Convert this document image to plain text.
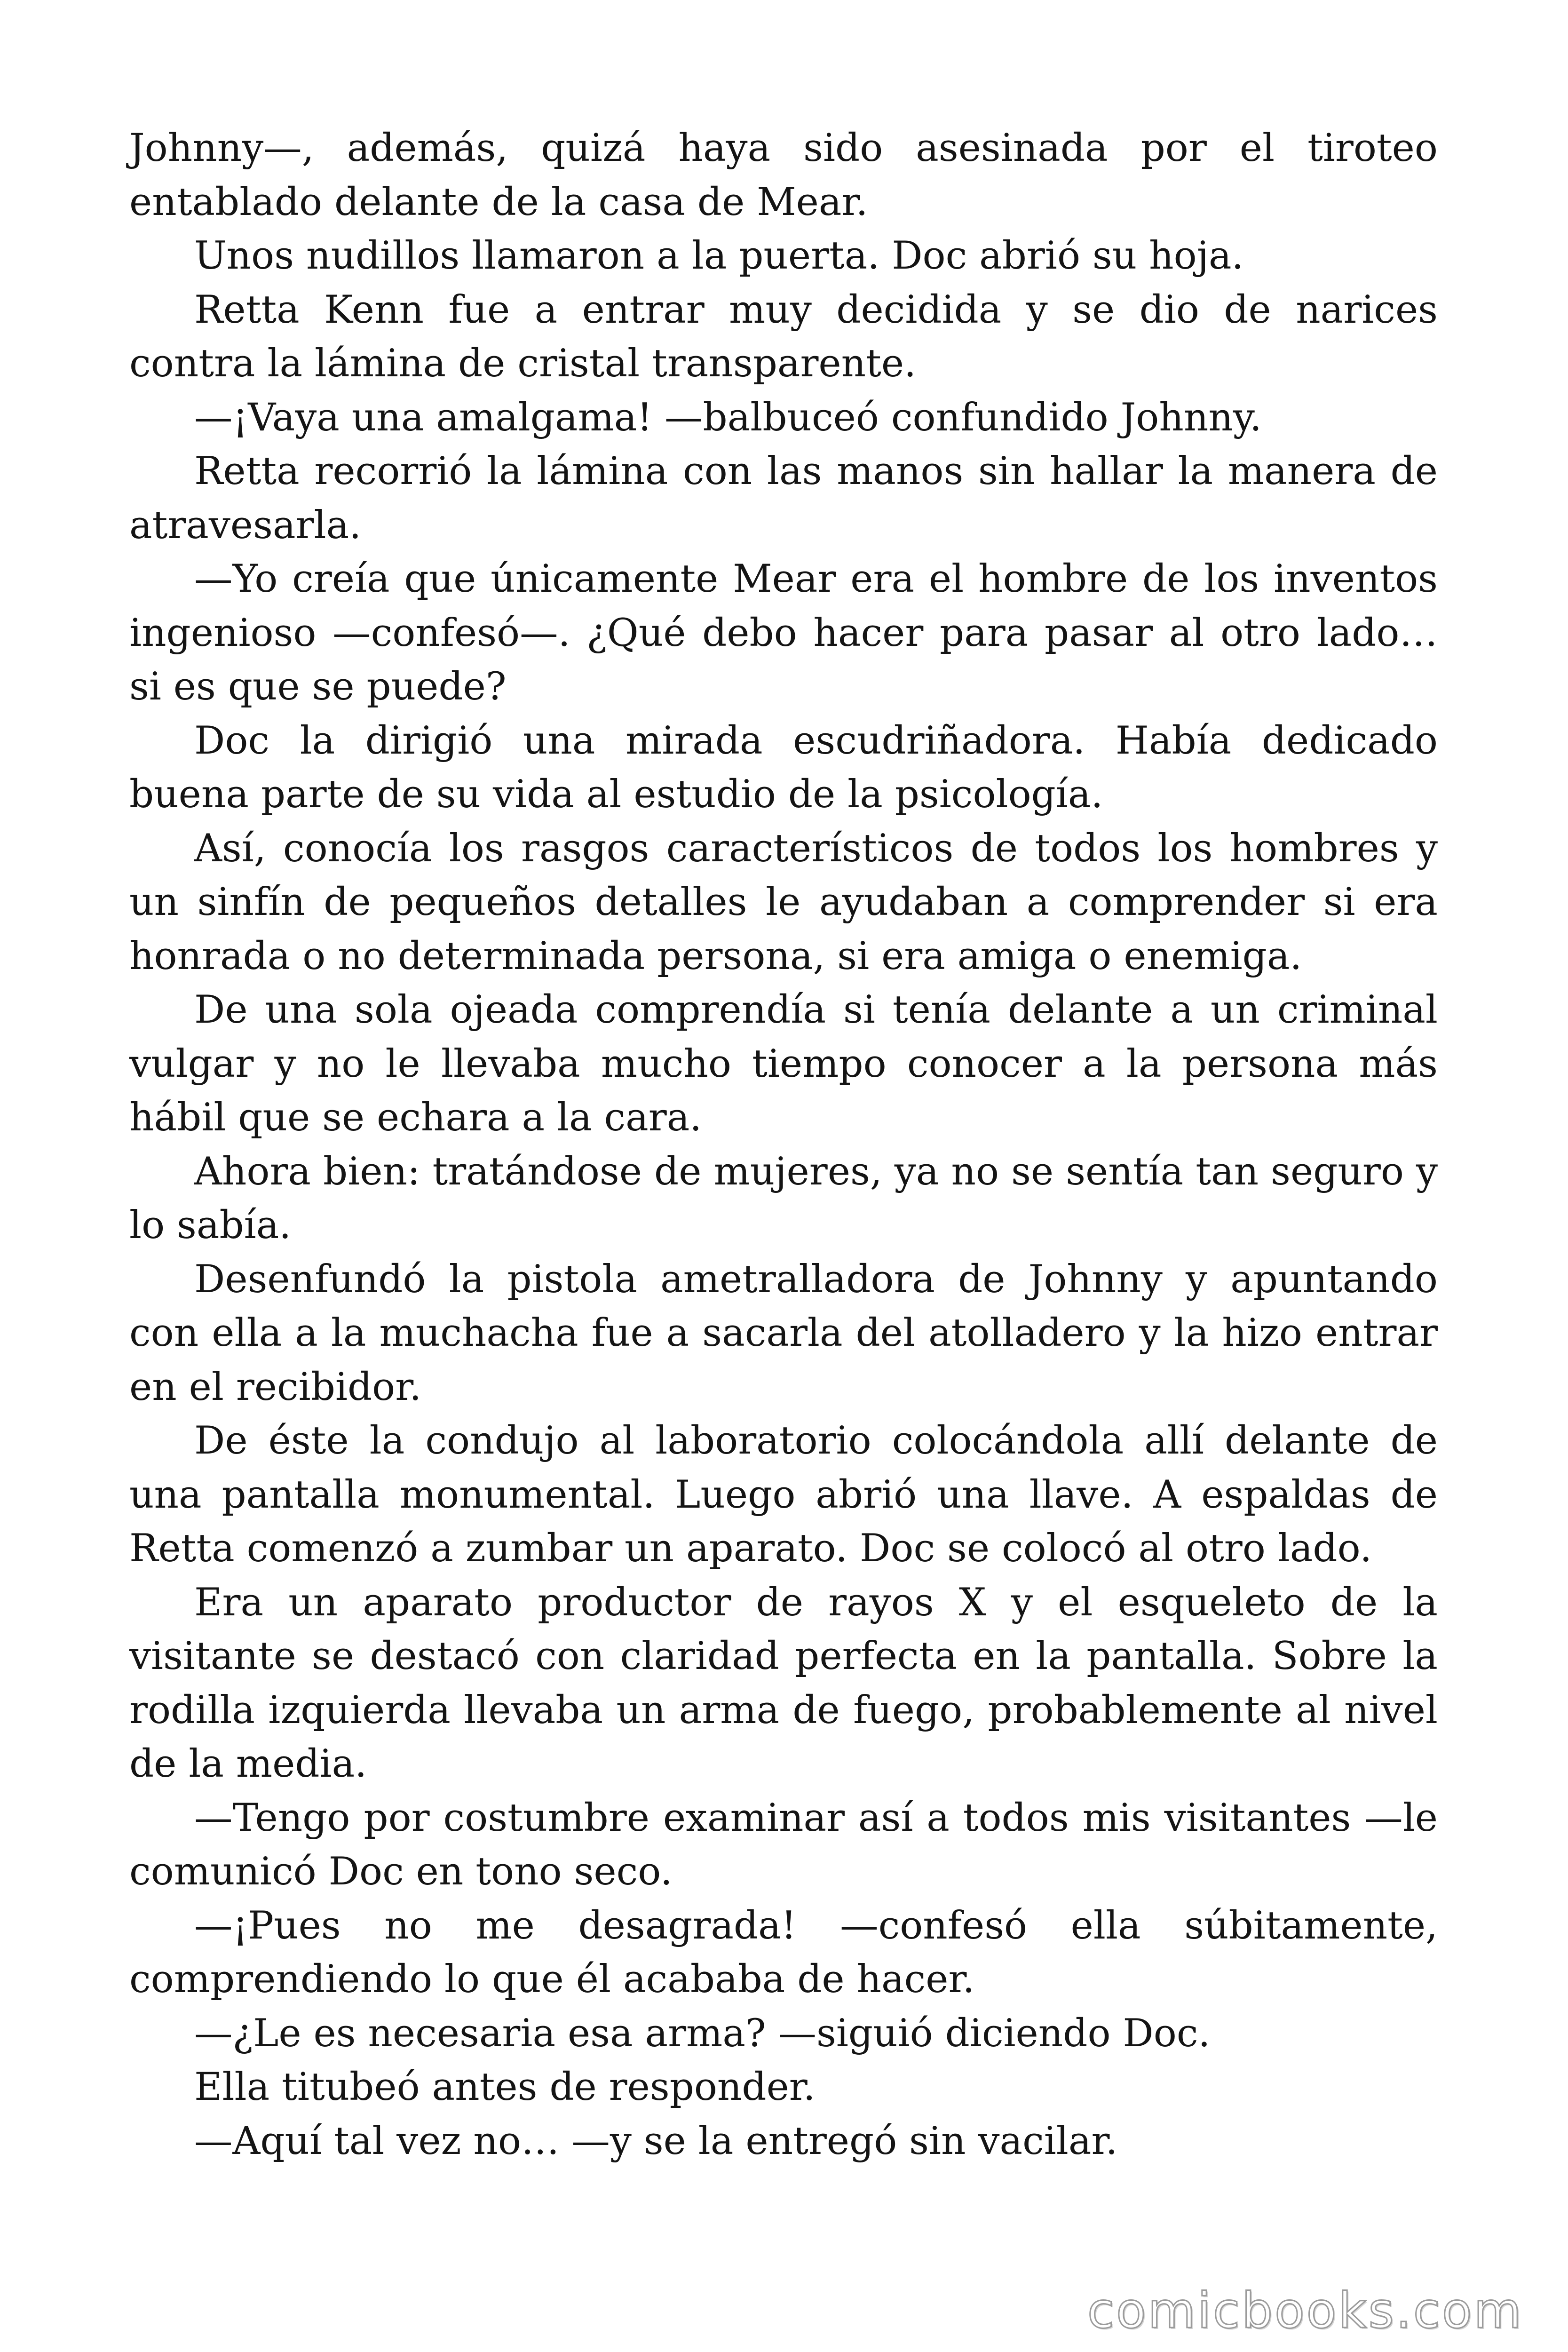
Johnny—, además, quizá haya sido asesinada por el tiroteo entablado delante de la casa de Mear.

Unos nudillos llamaron a la puerta. Doc abrió su hoja.

Retta Kenn fue a entrar muy decidida y se dio de narices contra la lámina de cristal transparente.

—¡Vaya una amalgama! —balbuceó confundido Johnny.

Retta recorrió la lámina con las manos sin hallar la manera de atravesarla.

—Yo creía que únicamente Mear era el hombre de los inventos ingenioso —confesó—. ¿Qué debo hacer para pasar al otro lado… si es que se puede?

Doc la dirigió una mirada escudriñadora. Había dedicado buena parte de su vida al estudio de la psicología.

Así, conocía los rasgos característicos de todos los hombres y un sinfín de pequeños detalles le ayudaban a comprender si era honrada o no determinada persona, si era amiga o enemiga.

De una sola ojeada comprendía si tenía delante a un criminal vulgar y no le llevaba mucho tiempo conocer a la persona más hábil que se echara a la cara.

Ahora bien: tratándose de mujeres, ya no se sentía tan seguro y lo sabía.

Desenfundó la pistola ametralladora de Johnny y apuntando con ella a la muchacha fue a sacarla del atolladero y la hizo entrar en el recibidor.

De éste la condujo al laboratorio colocándola allí delante de una pantalla monumental. Luego abrió una llave. A espaldas de Retta comenzó a zumbar un aparato. Doc se colocó al otro lado.

Era un aparato productor de rayos X y el esqueleto de la visitante se destacó con claridad perfecta en la pantalla. Sobre la rodilla izquierda llevaba un arma de fuego, probablemente al nivel de la media.

—Tengo por costumbre examinar así a todos mis visitantes —le comunicó Doc en tono seco.

—¡Pues no me desagrada! —confesó ella súbitamente, comprendiendo lo que él acababa de hacer.

—¿Le es necesaria esa arma? —siguió diciendo Doc.

Ella titubeó antes de responder.

—Aquí tal vez no… —y se la entregó sin vacilar.

comicbooks.com
